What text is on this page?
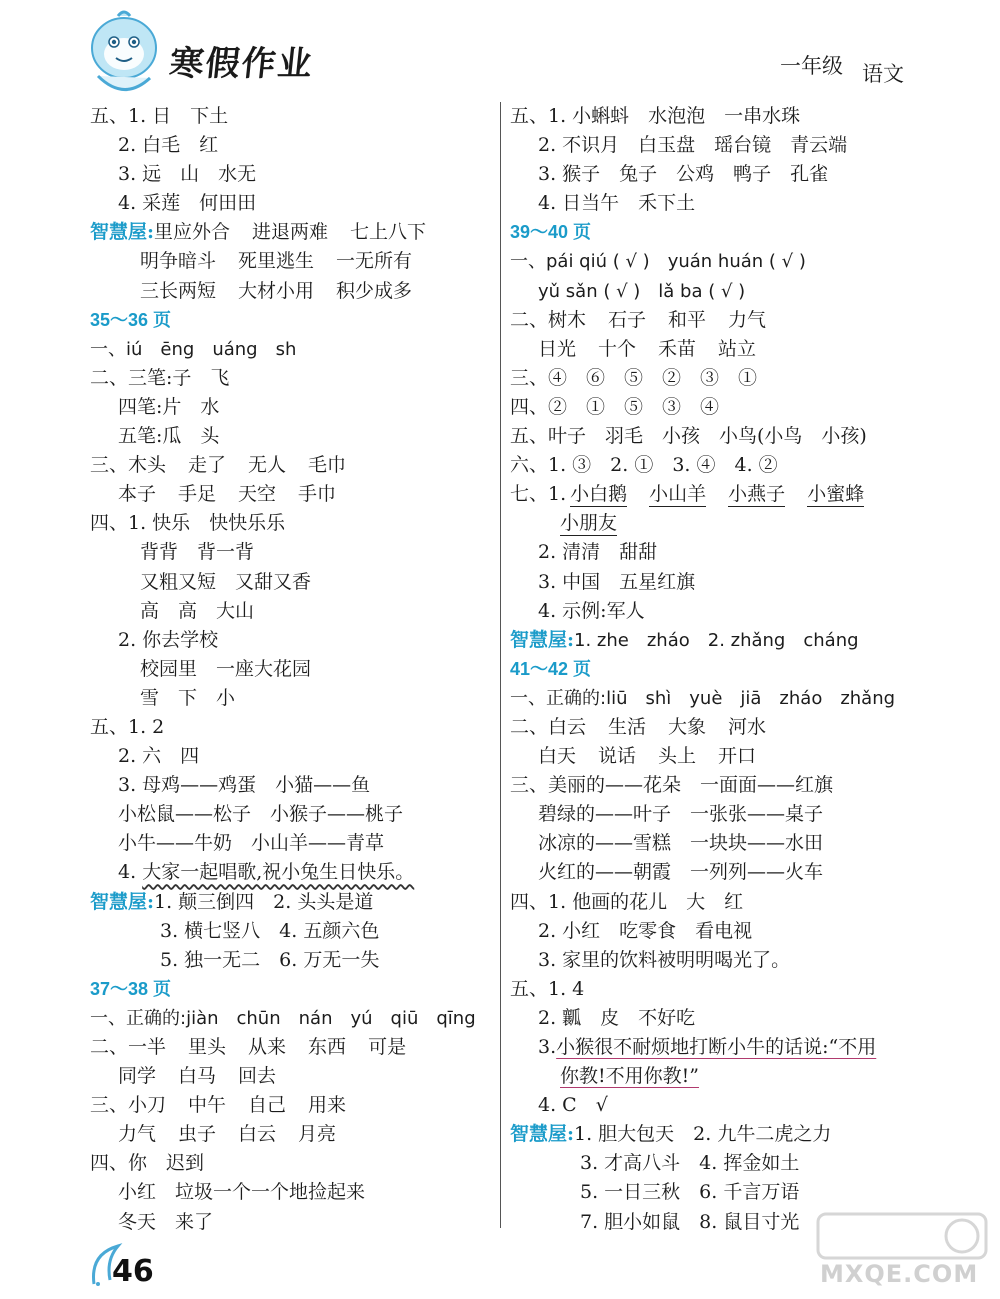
寒假作业	一年级 语文
五、1. 日　下土
2. 白毛　红
3. 远　山　水无
4. 采莲　何田田
智慧屋:里应外合 进退两难 七上八下
明争暗斗 死里逃生 一无所有
三长两短 大材小用 积少成多
35～36 页
一、iú　ēng　uáng　sh
二、三笔:子　飞
四笔:片　水
五笔:瓜　头
三、木头 走了 无人 毛巾
本子 手足 天空 手巾
四、1. 快乐　快快乐乐
背背　背一背
又粗又短　又甜又香
高　高　大山
2. 你去学校
校园里　一座大花园
雪　下　小
五、1. 2
2. 六　四
3. 母鸡——鸡蛋　小猫——鱼
小松鼠——松子　小猴子——桃子
小牛——牛奶　小山羊——青草
4. 大家一起唱歌,祝小兔生日快乐。
智慧屋:1. 颠三倒四　2. 头头是道
3. 横七竖八　4. 五颜六色
5. 独一无二　6. 万无一失
37～38 页
一、正确的:jiàn　chūn　nán　yú　qiū　qīng
二、一半 里头 从来 东西 可是
同学 白马 回去
三、小刀 中午 自己 用来
力气 虫子 白云 月亮
四、你　迟到
小红　垃圾一个一个地捡起来
冬天　来了
五、1. 小蝌蚪　水泡泡　一串水珠
2. 不识月　白玉盘　瑶台镜　青云端
3. 猴子　兔子　公鸡　鸭子　孔雀
4. 日当午　禾下土
39～40 页
一、pái qiú ( √ )　yuán huán ( √ )
yǔ sǎn ( √ )　lǎ ba ( √ )
二、树木 石子 和平 力气
日光 十个 禾苗 站立
三、④　⑥　⑤　②　③　①
四、②　①　⑤　③　④
五、叶子　羽毛　小孩　小鸟(小鸟　小孩)
六、1. ③　2. ①　3. ④　4. ②
七、1. 小白鹅 小山羊 小燕子 小蜜蜂
小朋友
2. 清清　甜甜
3. 中国　五星红旗
4. 示例:军人
智慧屋:1. zhe　zháo　2. zhǎng　cháng
41～42 页
一、正确的:liū　shì　yuè　jiā　zháo　zhǎng
二、白云 生活 大象 河水
白天 说话 头上 开口
三、美丽的——花朵　一面面——红旗
碧绿的——叶子　一张张——桌子
冰凉的——雪糕　一块块——水田
火红的——朝霞　一列列——火车
四、1. 他画的花儿　大　红
2. 小红　吃零食　看电视
3. 家里的饮料被明明喝光了。
五、1. 4
2. 瓤　皮　不好吃
3.小猴很不耐烦地打断小牛的话说:“不用
你教!不用你教!”
4. C　√
智慧屋:1. 胆大包天　2. 九牛二虎之力
3. 才高八斗　4. 挥金如土
5. 一日三秋　6. 千言万语
7. 胆小如鼠　8. 鼠目寸光
46	MXQE.COM
